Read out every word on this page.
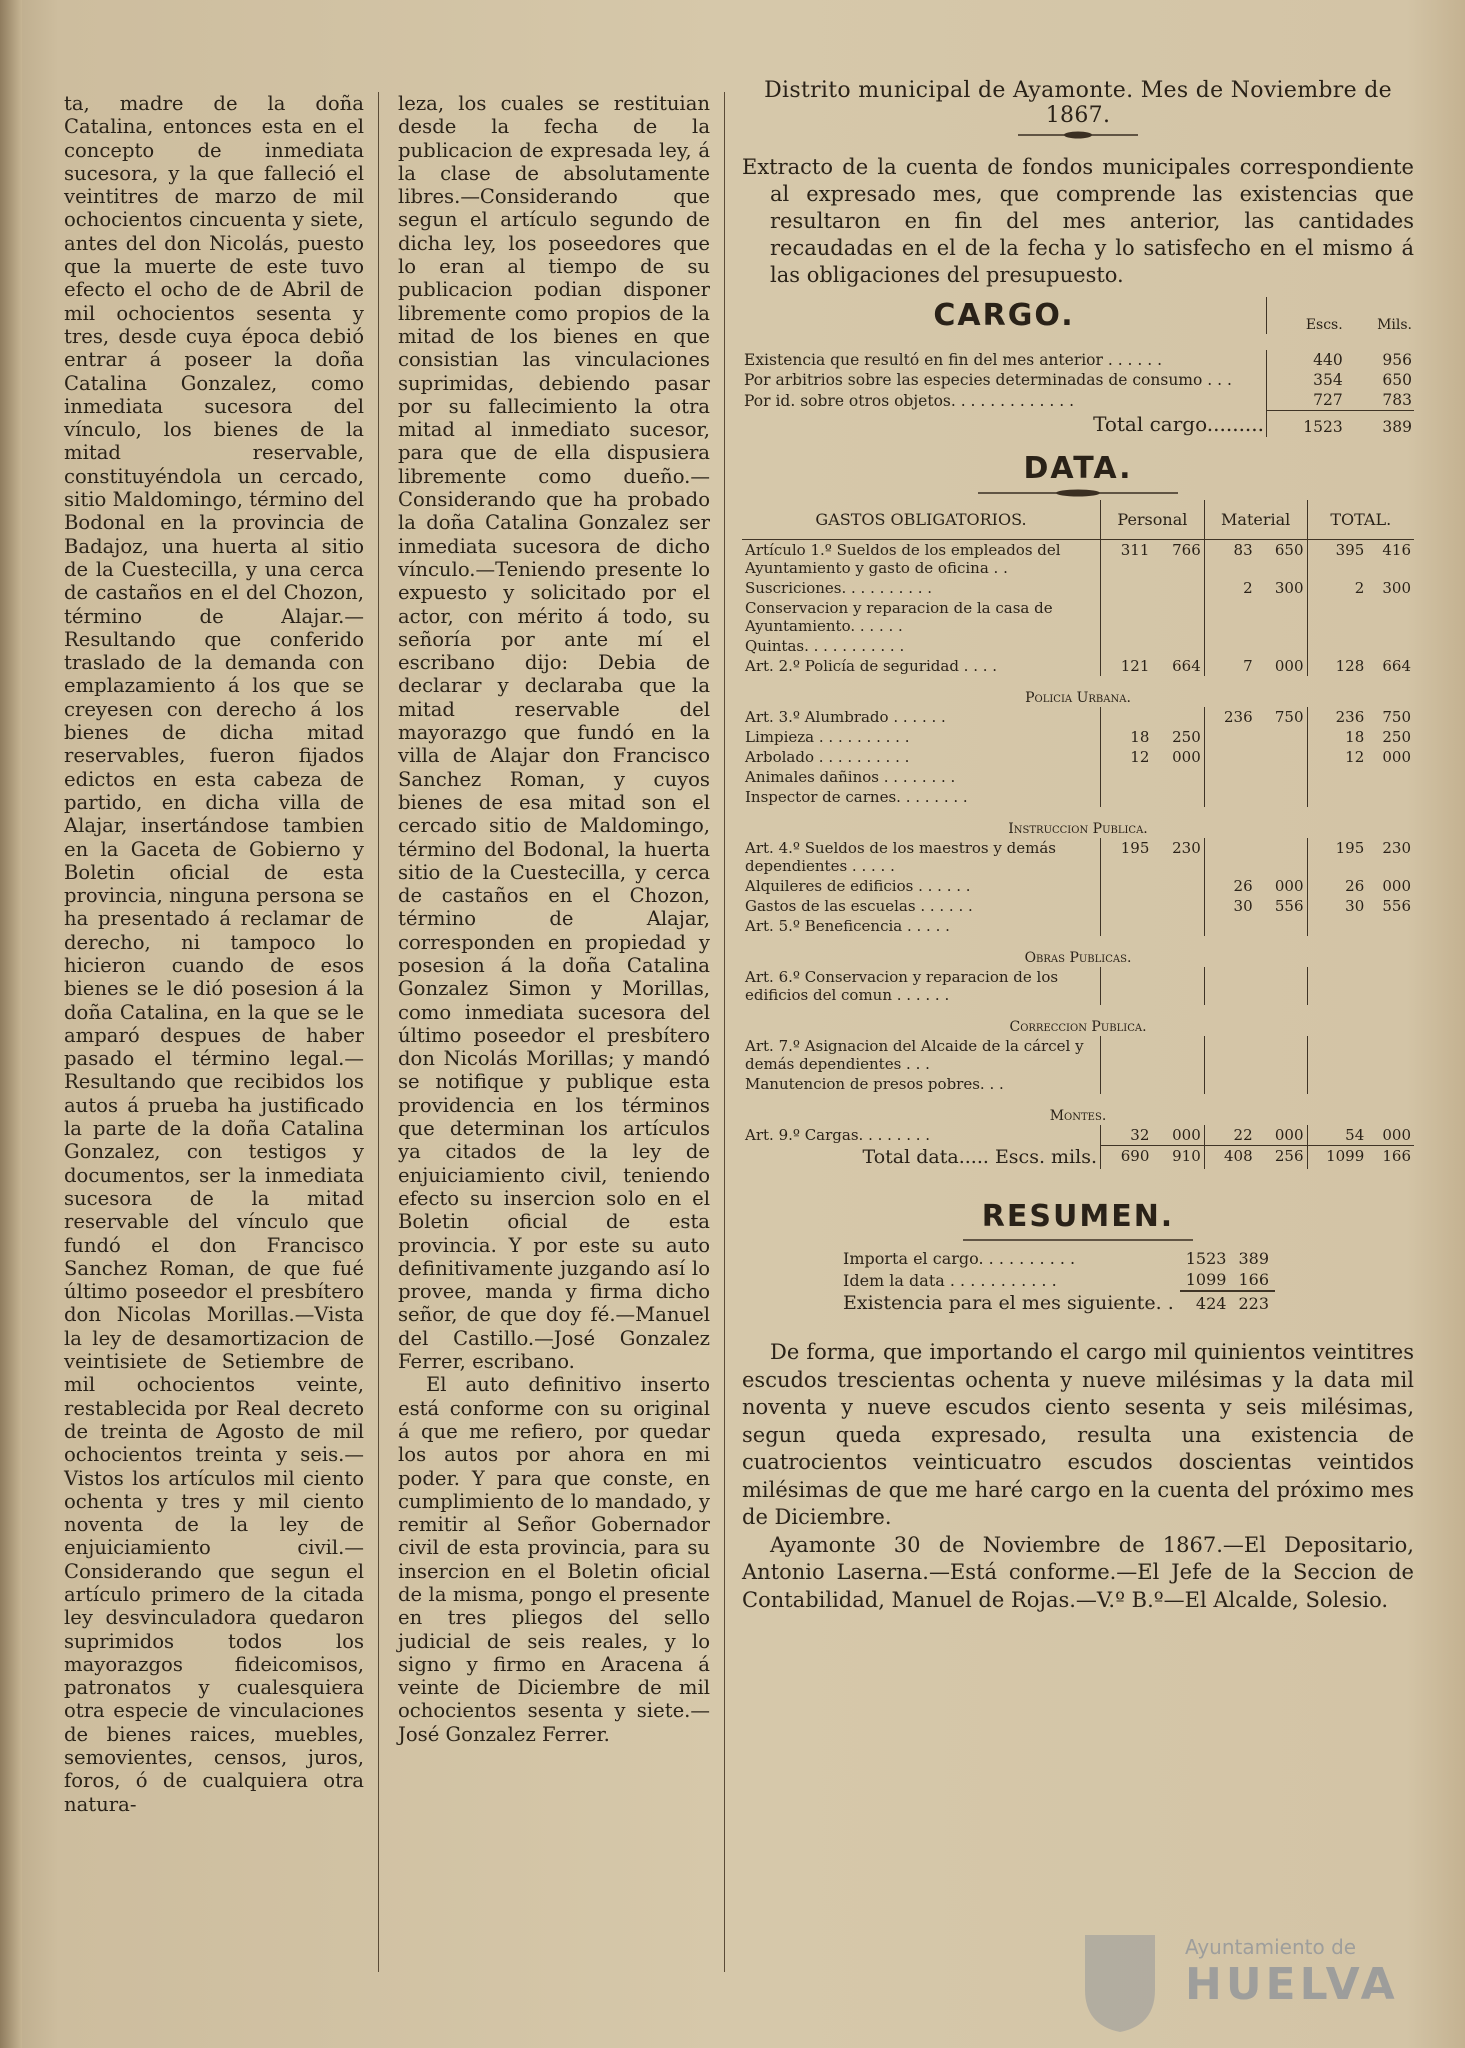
ta, madre de la doña Catalina, entonces esta en el concepto de inmediata sucesora, y la que falleció el veintitres de marzo de mil ochocientos cincuenta y siete, antes del don Nicolás, puesto que la muerte de este tuvo efecto el ocho de de Abril de mil ochocientos sesenta y tres, desde cuya época debió entrar á poseer la doña Catalina Gonzalez, como inmediata sucesora del vínculo, los bienes de la mitad reservable, constituyéndola un cercado, sitio Maldomingo, término del Bodonal en la provincia de Badajoz, una huerta al sitio de la Cuestecilla, y una cerca de castaños en el del Chozon, término de Alajar.—Resultando que conferido traslado de la demanda con emplazamiento á los que se creyesen con derecho á los bienes de dicha mitad reservables, fueron fijados edictos en esta cabeza de partido, en dicha villa de Alajar, insertándose tambien en la Gaceta de Gobierno y Boletin oficial de esta provincia, ninguna persona se ha presentado á reclamar de derecho, ni tampoco lo hicieron cuando de esos bienes se le dió posesion á la doña Catalina, en la que se le amparó despues de haber pasado el término legal.—Resultando que recibidos los autos á prueba ha justificado la parte de la doña Catalina Gonzalez, con testigos y documentos, ser la inmediata sucesora de la mitad reservable del vínculo que fundó el don Francisco Sanchez Roman, de que fué último poseedor el presbítero don Nicolas Morillas.—Vista la ley de desamortizacion de veintisiete de Setiembre de mil ochocientos veinte, restablecida por Real decreto de treinta de Agosto de mil ochocientos treinta y seis.—Vistos los artículos mil ciento ochenta y tres y mil ciento noventa de la ley de enjuiciamiento civil.—Considerando que segun el artículo primero de la citada ley desvinculadora quedaron suprimidos todos los mayorazgos fideicomisos, patronatos y cualesquiera otra especie de vinculaciones de bienes raices, muebles, semovientes, censos, juros, foros, ó de cualquiera otra natura-

leza, los cuales se restituian desde la fecha de la publicacion de expresada ley, á la clase de absolutamente libres.—Considerando que segun el artículo segundo de dicha ley, los poseedores que lo eran al tiempo de su publicacion podian disponer libremente como propios de la mitad de los bienes en que consistian las vinculaciones suprimidas, debiendo pasar por su fallecimiento la otra mitad al inmediato sucesor, para que de ella dispusiera libremente como dueño.—Considerando que ha probado la doña Catalina Gonzalez ser inmediata sucesora de dicho vínculo.—Teniendo presente lo expuesto y solicitado por el actor, con mérito á todo, su señoría por ante mí el escribano dijo: Debia de declarar y declaraba que la mitad reservable del mayorazgo que fundó en la villa de Alajar don Francisco Sanchez Roman, y cuyos bienes de esa mitad son el cercado sitio de Maldomingo, término del Bodonal, la huerta sitio de la Cuestecilla, y cerca de castaños en el Chozon, término de Alajar, corresponden en propiedad y posesion á la doña Catalina Gonzalez Simon y Morillas, como inmediata sucesora del último poseedor el presbítero don Nicolás Morillas; y mandó se notifique y publique esta providencia en los términos que determinan los artículos ya citados de la ley de enjuiciamiento civil, teniendo efecto su insercion solo en el Boletin oficial de esta provincia. Y por este su auto definitivamente juzgando así lo provee, manda y firma dicho señor, de que doy fé.—Manuel del Castillo.—José Gonzalez Ferrer, escribano.

El auto definitivo inserto está conforme con su original á que me refiero, por quedar los autos por ahora en mi poder. Y para que conste, en cumplimiento de lo mandado, y remitir al Señor Gobernador civil de esta provincia, para su insercion en el Boletin oficial de la misma, pongo el presente en tres pliegos del sello judicial de seis reales, y lo signo y firmo en Aracena á veinte de Diciembre de mil ochocientos sesenta y siete.—José Gonzalez Ferrer.

Distrito municipal de Ayamonte. Mes de Noviembre de 1867.
Extracto de la cuenta de fondos municipales correspondiente al expresado mes, que comprende las existencias que resultaron en fin del mes anterior, las cantidades recaudadas en el de la fecha y lo satisfecho en el mismo á las obligaciones del presupuesto.
CARGO.	Escs.	Mils.

Existencia que resultó en fin del mes anterior . . . . . .	440	956
Por arbitrios sobre las especies determinadas de consumo . . .	354	650
Por id. sobre otros objetos. . . . . . . . . . . . .	727	783
Total cargo.........	1523	389
DATA.
GASTOS OBLIGATORIOS.	Personal		Material		TOTAL.	
Artículo 1.º Sueldos de los empleados del Ayuntamiento y gasto de oficina . .	311	766	83	650	395	416
Suscriciones. . . . . . . . . .			2	300	2	300
Conservacion y reparacion de la casa de Ayuntamiento. . . . . .						
Quintas. . . . . . . . . . .						
Art. 2.º Policía de seguridad . . . .	121	664	7	000	128	664
Policia Urbana.						
Art. 3.º Alumbrado . . . . . .			236	750	236	750
Limpieza . . . . . . . . . .	18	250			18	250
Arbolado . . . . . . . . . .	12	000			12	000
Animales dañinos . . . . . . . .						
Inspector de carnes. . . . . . . .						
Instruccion Publica.						
Art. 4.º Sueldos de los maestros y demás dependientes . . . . .	195	230			195	230
Alquileres de edificios . . . . . .			26	000	26	000
Gastos de las escuelas . . . . . .			30	556	30	556
Art. 5.º Beneficencia . . . . .						
Obras Publicas.						
Art. 6.º Conservacion y reparacion de los edificios del comun . . . . . .						
Correccion Publica.						
Art. 7.º Asignacion del Alcaide de la cárcel y demás dependientes . . .						
Manutencion de presos pobres. . .						
Montes.						
Art. 9.º Cargas. . . . . . . .	32	000	22	000	54	000
Total data..... Escs. mils.	690	910	408	256	1099	166
RESUMEN.
Importa el cargo. . . . . . . . . .	1523	389
Idem la data . . . . . . . . . . .	1099	166
Existencia para el mes siguiente. .	424	223
De forma, que importando el cargo mil quinientos veintitres escudos trescientas ochenta y nueve milésimas y la data mil noventa y nueve escudos ciento sesenta y seis milésimas, segun queda expresado, resulta una existencia de cuatrocientos veinticuatro escudos doscientas veintidos milésimas de que me haré cargo en la cuenta del próximo mes de Diciembre.
Ayamonte 30 de Noviembre de 1867.—El Depositario, Antonio Laserna.—Está conforme.—El Jefe de la Seccion de Contabilidad, Manuel de Rojas.—V.º B.º—El Alcalde, Solesio.
Ayuntamiento de
HUELVA
